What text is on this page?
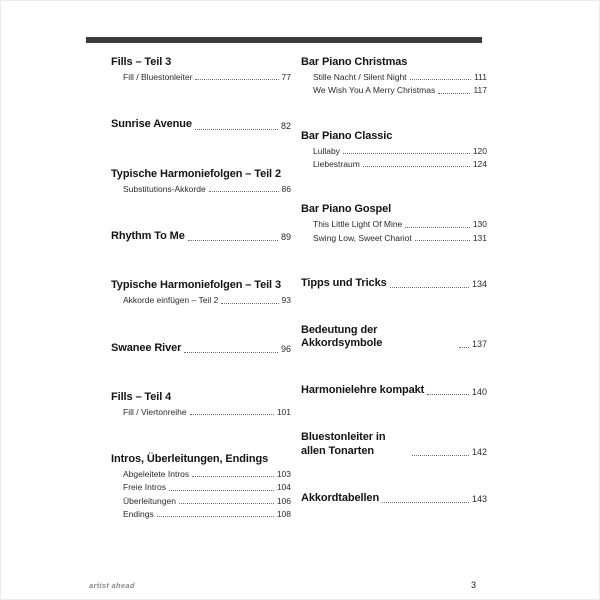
Fills – Teil 3
Fill / Bluestonleiter	77
Sunrise Avenue	82
Typische Harmoniefolgen – Teil 2
Substitutions-Akkorde	86
Rhythm To Me	89
Typische Harmoniefolgen – Teil 3
Akkorde einfügen – Teil 2	93
Swanee River	96
Fills – Teil 4
Fill / Viertonreihe	101
Intros, Überleitungen, Endings
Abgeleitete Intros	103
Freie Intros	104
Überleitungen	106
Endings	108
Bar Piano Christmas
Stille Nacht / Silent Night	111
We Wish You A Merry Christmas	117
Bar Piano Classic
Lullaby	120
Liebestraum	124
Bar Piano Gospel
This Little Light Of Mine	130
Swing Low, Sweet Chariot	131
Tipps und Tricks	134
Bedeutung der Akkordsymbole	137
Harmonielehre kompakt	140
Bluestonleiter in allen Tonarten	142
Akkordtabellen	143
artist ahead	3
